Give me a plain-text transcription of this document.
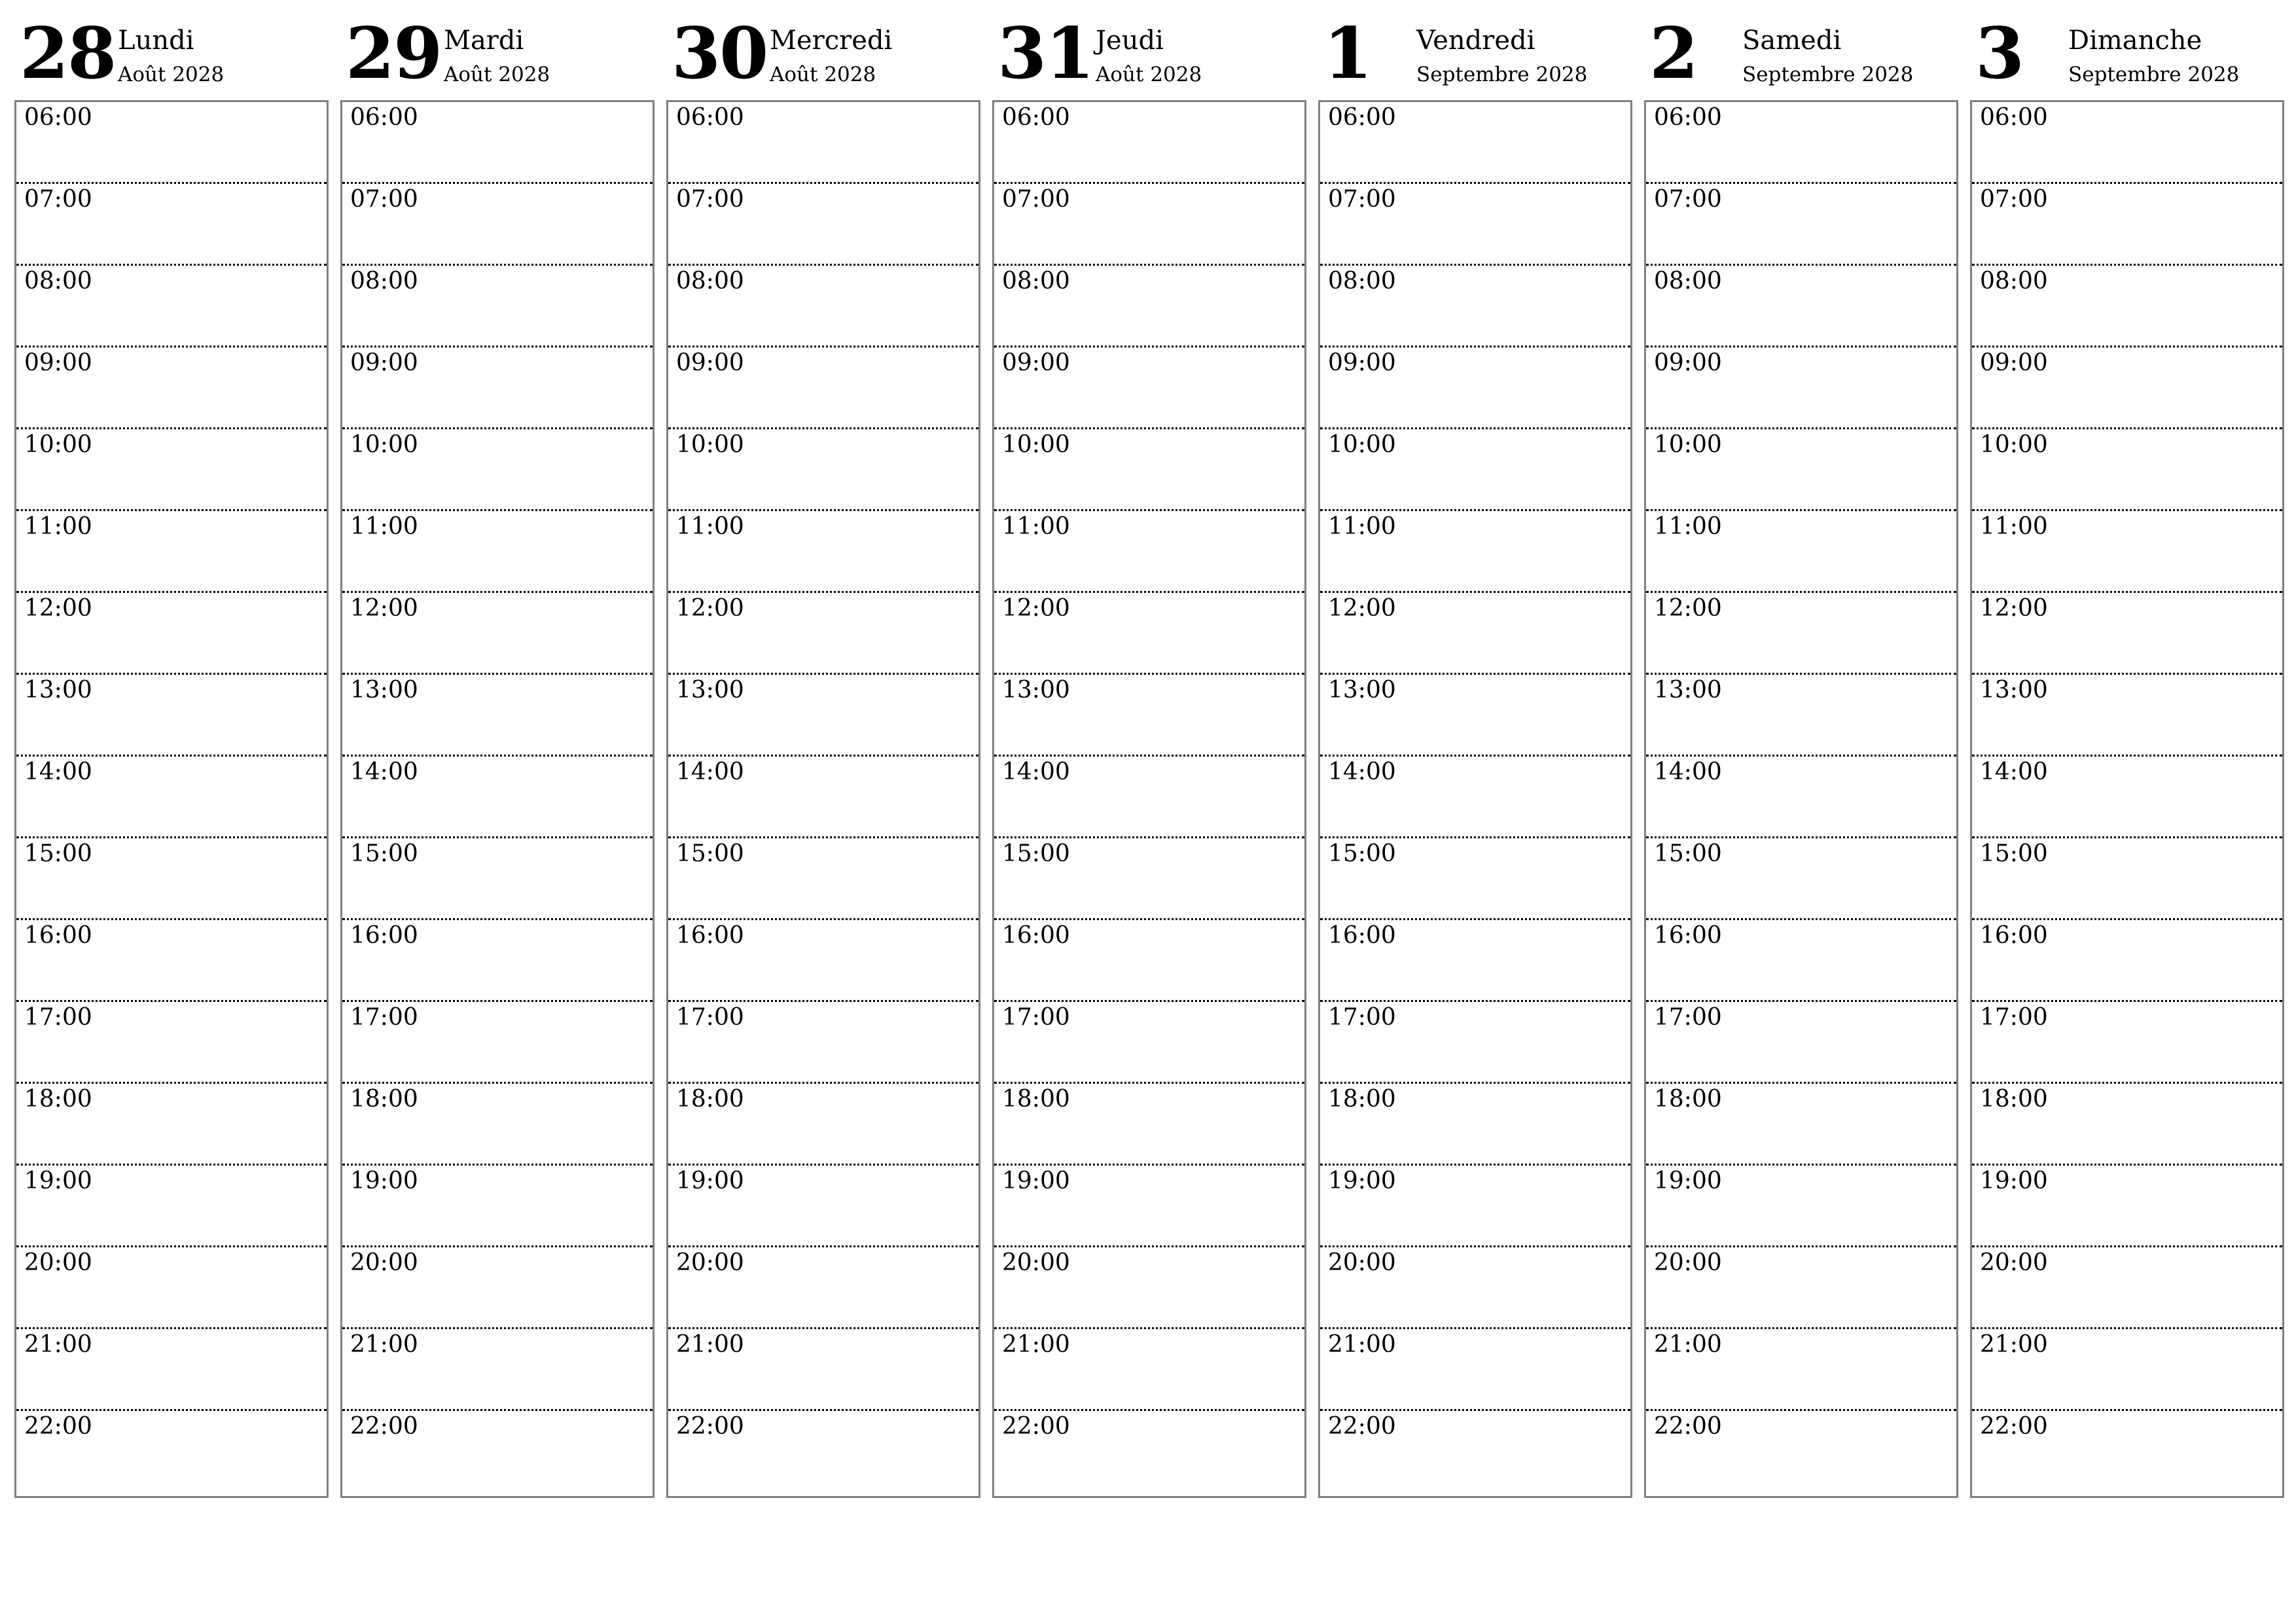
28 Lundi
Août 2028
06:00
07:00
08:00
09:00
10:00
11:00
12:00
13:00
14:00
15:00
16:00
17:00
18:00
19:00
20:00
21:00
22:00
29 Mardi
Août 2028
06:00
07:00
08:00
09:00
10:00
11:00
12:00
13:00
14:00
15:00
16:00
17:00
18:00
19:00
20:00
21:00
22:00
30 Mercredi
Août 2028
06:00
07:00
08:00
09:00
10:00
11:00
12:00
13:00
14:00
15:00
16:00
17:00
18:00
19:00
20:00
21:00
22:00
31 Jeudi
Août 2028
06:00
07:00
08:00
09:00
10:00
11:00
12:00
13:00
14:00
15:00
16:00
17:00
18:00
19:00
20:00
21:00
22:00
1 Vendredi
Septembre 2028
06:00
07:00
08:00
09:00
10:00
11:00
12:00
13:00
14:00
15:00
16:00
17:00
18:00
19:00
20:00
21:00
22:00
2 Samedi
Septembre 2028
06:00
07:00
08:00
09:00
10:00
11:00
12:00
13:00
14:00
15:00
16:00
17:00
18:00
19:00
20:00
21:00
22:00
3 Dimanche
Septembre 2028
06:00
07:00
08:00
09:00
10:00
11:00
12:00
13:00
14:00
15:00
16:00
17:00
18:00
19:00
20:00
21:00
22:00
